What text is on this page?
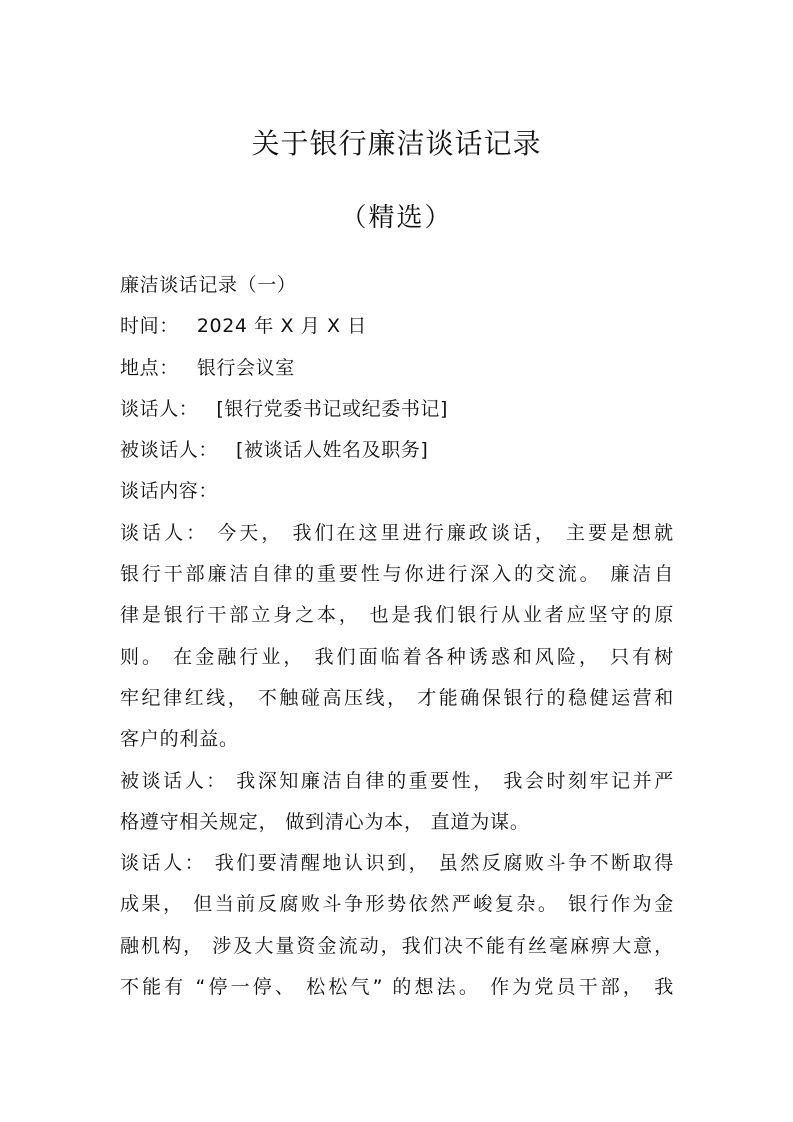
关于银行廉洁谈话记录
（精选）
廉洁谈话记录（一）
时间： 2024 年 X 月 X 日
地点： 银行会议室
谈话人： [银行党委书记或纪委书记]
被谈话人： [被谈话人姓名及职务]
谈话内容：
谈话人： 今天， 我们在这里进行廉政谈话， 主要是想就
银行干部廉洁自律的重要性与你进行深入的交流。 廉洁自
律是银行干部立身之本， 也是我们银行从业者应坚守的原
则。 在金融行业， 我们面临着各种诱惑和风险， 只有树
牢纪律红线， 不触碰高压线， 才能确保银行的稳健运营和
客户的利益。
被谈话人： 我深知廉洁自律的重要性， 我会时刻牢记并严
格遵守相关规定， 做到清心为本， 直道为谋。
谈话人： 我们要清醒地认识到， 虽然反腐败斗争不断取得
成果， 但当前反腐败斗争形势依然严峻复杂。 银行作为金
融机构， 涉及大量资金流动，我们决不能有丝毫麻痹大意，
不能有 “停一停、 松松气” 的想法。 作为党员干部， 我
